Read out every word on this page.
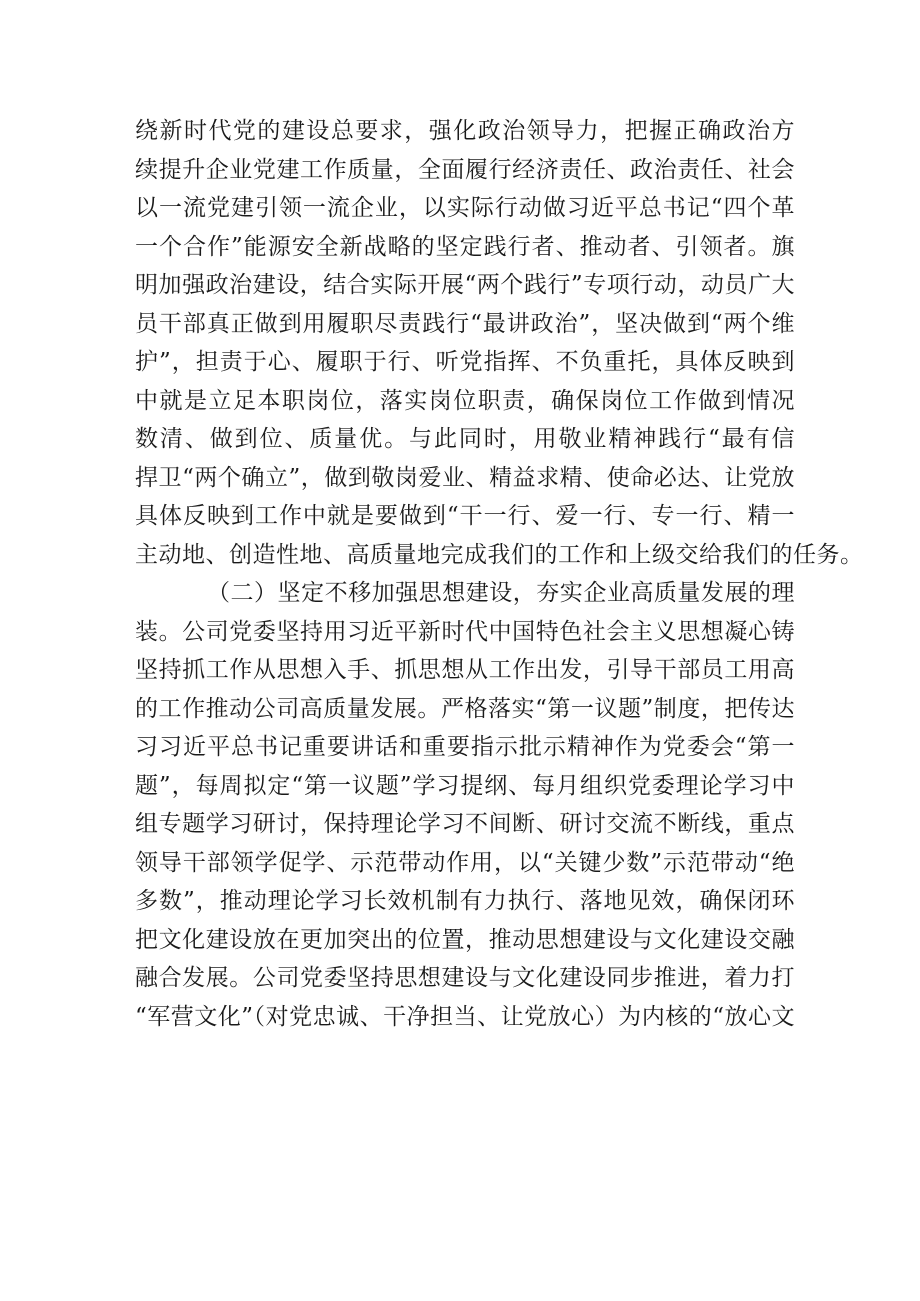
绕新时代党的建设总要求，强化政治领导力，把握正确政治方
续提升企业党建工作质量，全面履行经济责任、政治责任、社会
以一流党建引领一流企业，以实际行动做习近平总书记“四个革
一个合作”能源安全新战略的坚定践行者、推动者、引领者。旗
明加强政治建设，结合实际开展“两个践行”专项行动，动员广大
员干部真正做到用履职尽责践行“最讲政治”，坚决做到“两个维
护”，担责于心、履职于行、听党指挥、不负重托，具体反映到
中就是立足本职岗位，落实岗位职责，确保岗位工作做到情况
数清、做到位、质量优。与此同时，用敬业精神践行“最有信
捍卫“两个确立”，做到敬岗爱业、精益求精、使命必达、让党放
具体反映到工作中就是要做到“干一行、爱一行、专一行、精一
主动地、创造性地、高质量地完成我们的工作和上级交给我们的任务。
（二）坚定不移加强思想建设，夯实企业高质量发展的理
装。公司党委坚持用习近平新时代中国特色社会主义思想凝心铸
坚持抓工作从思想入手、抓思想从工作出发，引导干部员工用高
的工作推动公司高质量发展。严格落实“第一议题”制度，把传达
习习近平总书记重要讲话和重要指示批示精神作为党委会“第一
题”，每周拟定“第一议题”学习提纲、每月组织党委理论学习中
组专题学习研讨，保持理论学习不间断、研讨交流不断线，重点
领导干部领学促学、示范带动作用，以“关键少数”示范带动“绝
多数”，推动理论学习长效机制有力执行、落地见效，确保闭环
把文化建设放在更加突出的位置，推动思想建设与文化建设交融
融合发展。公司党委坚持思想建设与文化建设同步推进，着力打
“军营文化”（对党忠诚、干净担当、让党放心）为内核的“放心文
